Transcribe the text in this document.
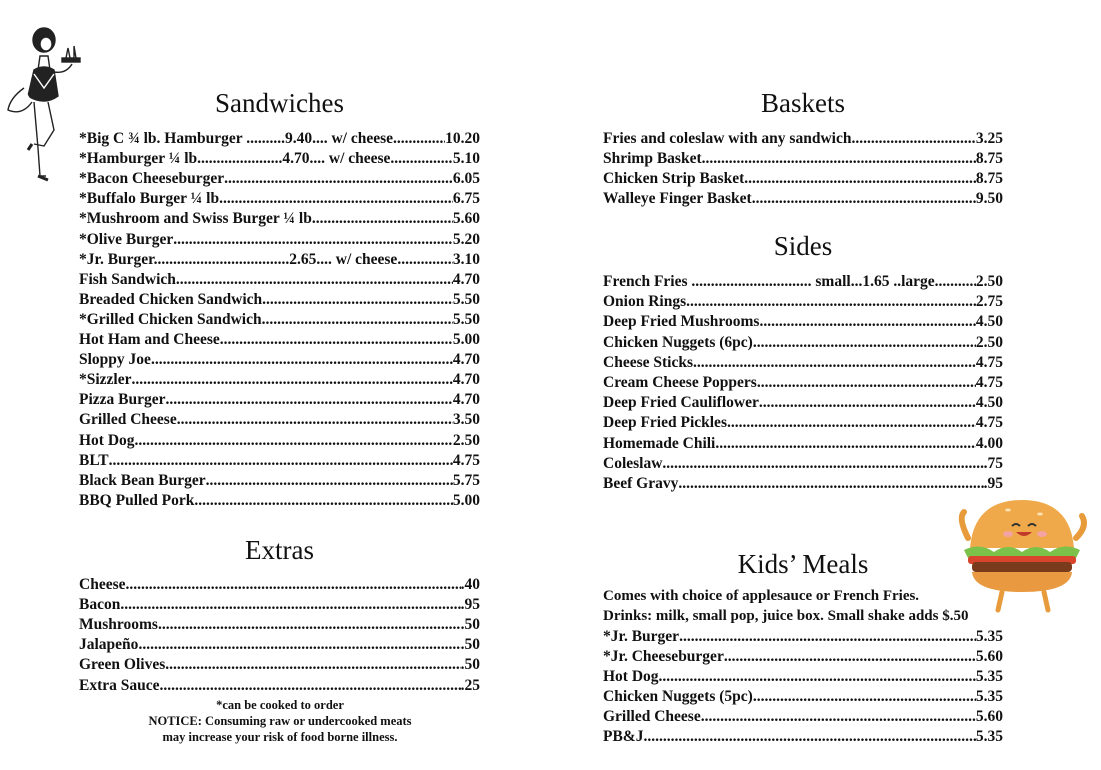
Sandwiches
*Big C ¾ lb. Hamburger ..........9.40.... w/ cheese .....	10.20
*Hamburger ¼ lb......................4.70.... w/ cheese .....	5.10
*Bacon Cheeseburger .....	6.05
*Buffalo Burger ¼ lb. .....	6.75
*Mushroom and Swiss Burger ¼ lb. .....	5.60
*Olive Burger .....	5.20
*Jr. Burger...................................2.65.... w/ cheese .....	3.10
Fish Sandwich .....	4.70
Breaded Chicken Sandwich .....	5.50
*Grilled Chicken Sandwich .....	5.50
Hot Ham and Cheese .....	5.00
Sloppy Joe .....	4.70
*Sizzler .....	4.70
Pizza Burger .....	4.70
Grilled Cheese .....	3.50
Hot Dog .....	2.50
BLT .....	4.75
Black Bean Burger .....	5.75
BBQ Pulled Pork .....	5.00
Extras
Cheese .....	.40
Bacon .....	.95
Mushrooms .....	.50
Jalapeño .....	.50
Green Olives .....	.50
Extra Sauce .....	.25
*can be cooked to order
NOTICE: Consuming raw or undercooked meats
may increase your risk of food borne illness.
Baskets
Fries and coleslaw with any sandwich .....	3.25
Shrimp Basket .....	8.75
Chicken Strip Basket .....	8.75
Walleye Finger Basket .....	9.50
Sides
French Fries ............................... small...1.65 ..large .....	2.50
Onion Rings .....	2.75
Deep Fried Mushrooms .....	4.50
Chicken Nuggets (6pc) .....	2.50
Cheese Sticks .....	4.75
Cream Cheese Poppers .....	4.75
Deep Fried Cauliflower .....	4.50
Deep Fried Pickles .....	4.75
Homemade Chili .....	4.00
Coleslaw .....	.75
Beef Gravy .....	.95
Kids’ Meals
Comes with choice of applesauce or French Fries.
Drinks: milk, small pop, juice box. Small shake adds $.50
*Jr. Burger .....	5.35
*Jr. Cheeseburger .....	5.60
Hot Dog .....	5.35
Chicken Nuggets (5pc) .....	5.35
Grilled Cheese .....	5.60
PB&J .....	5.35
